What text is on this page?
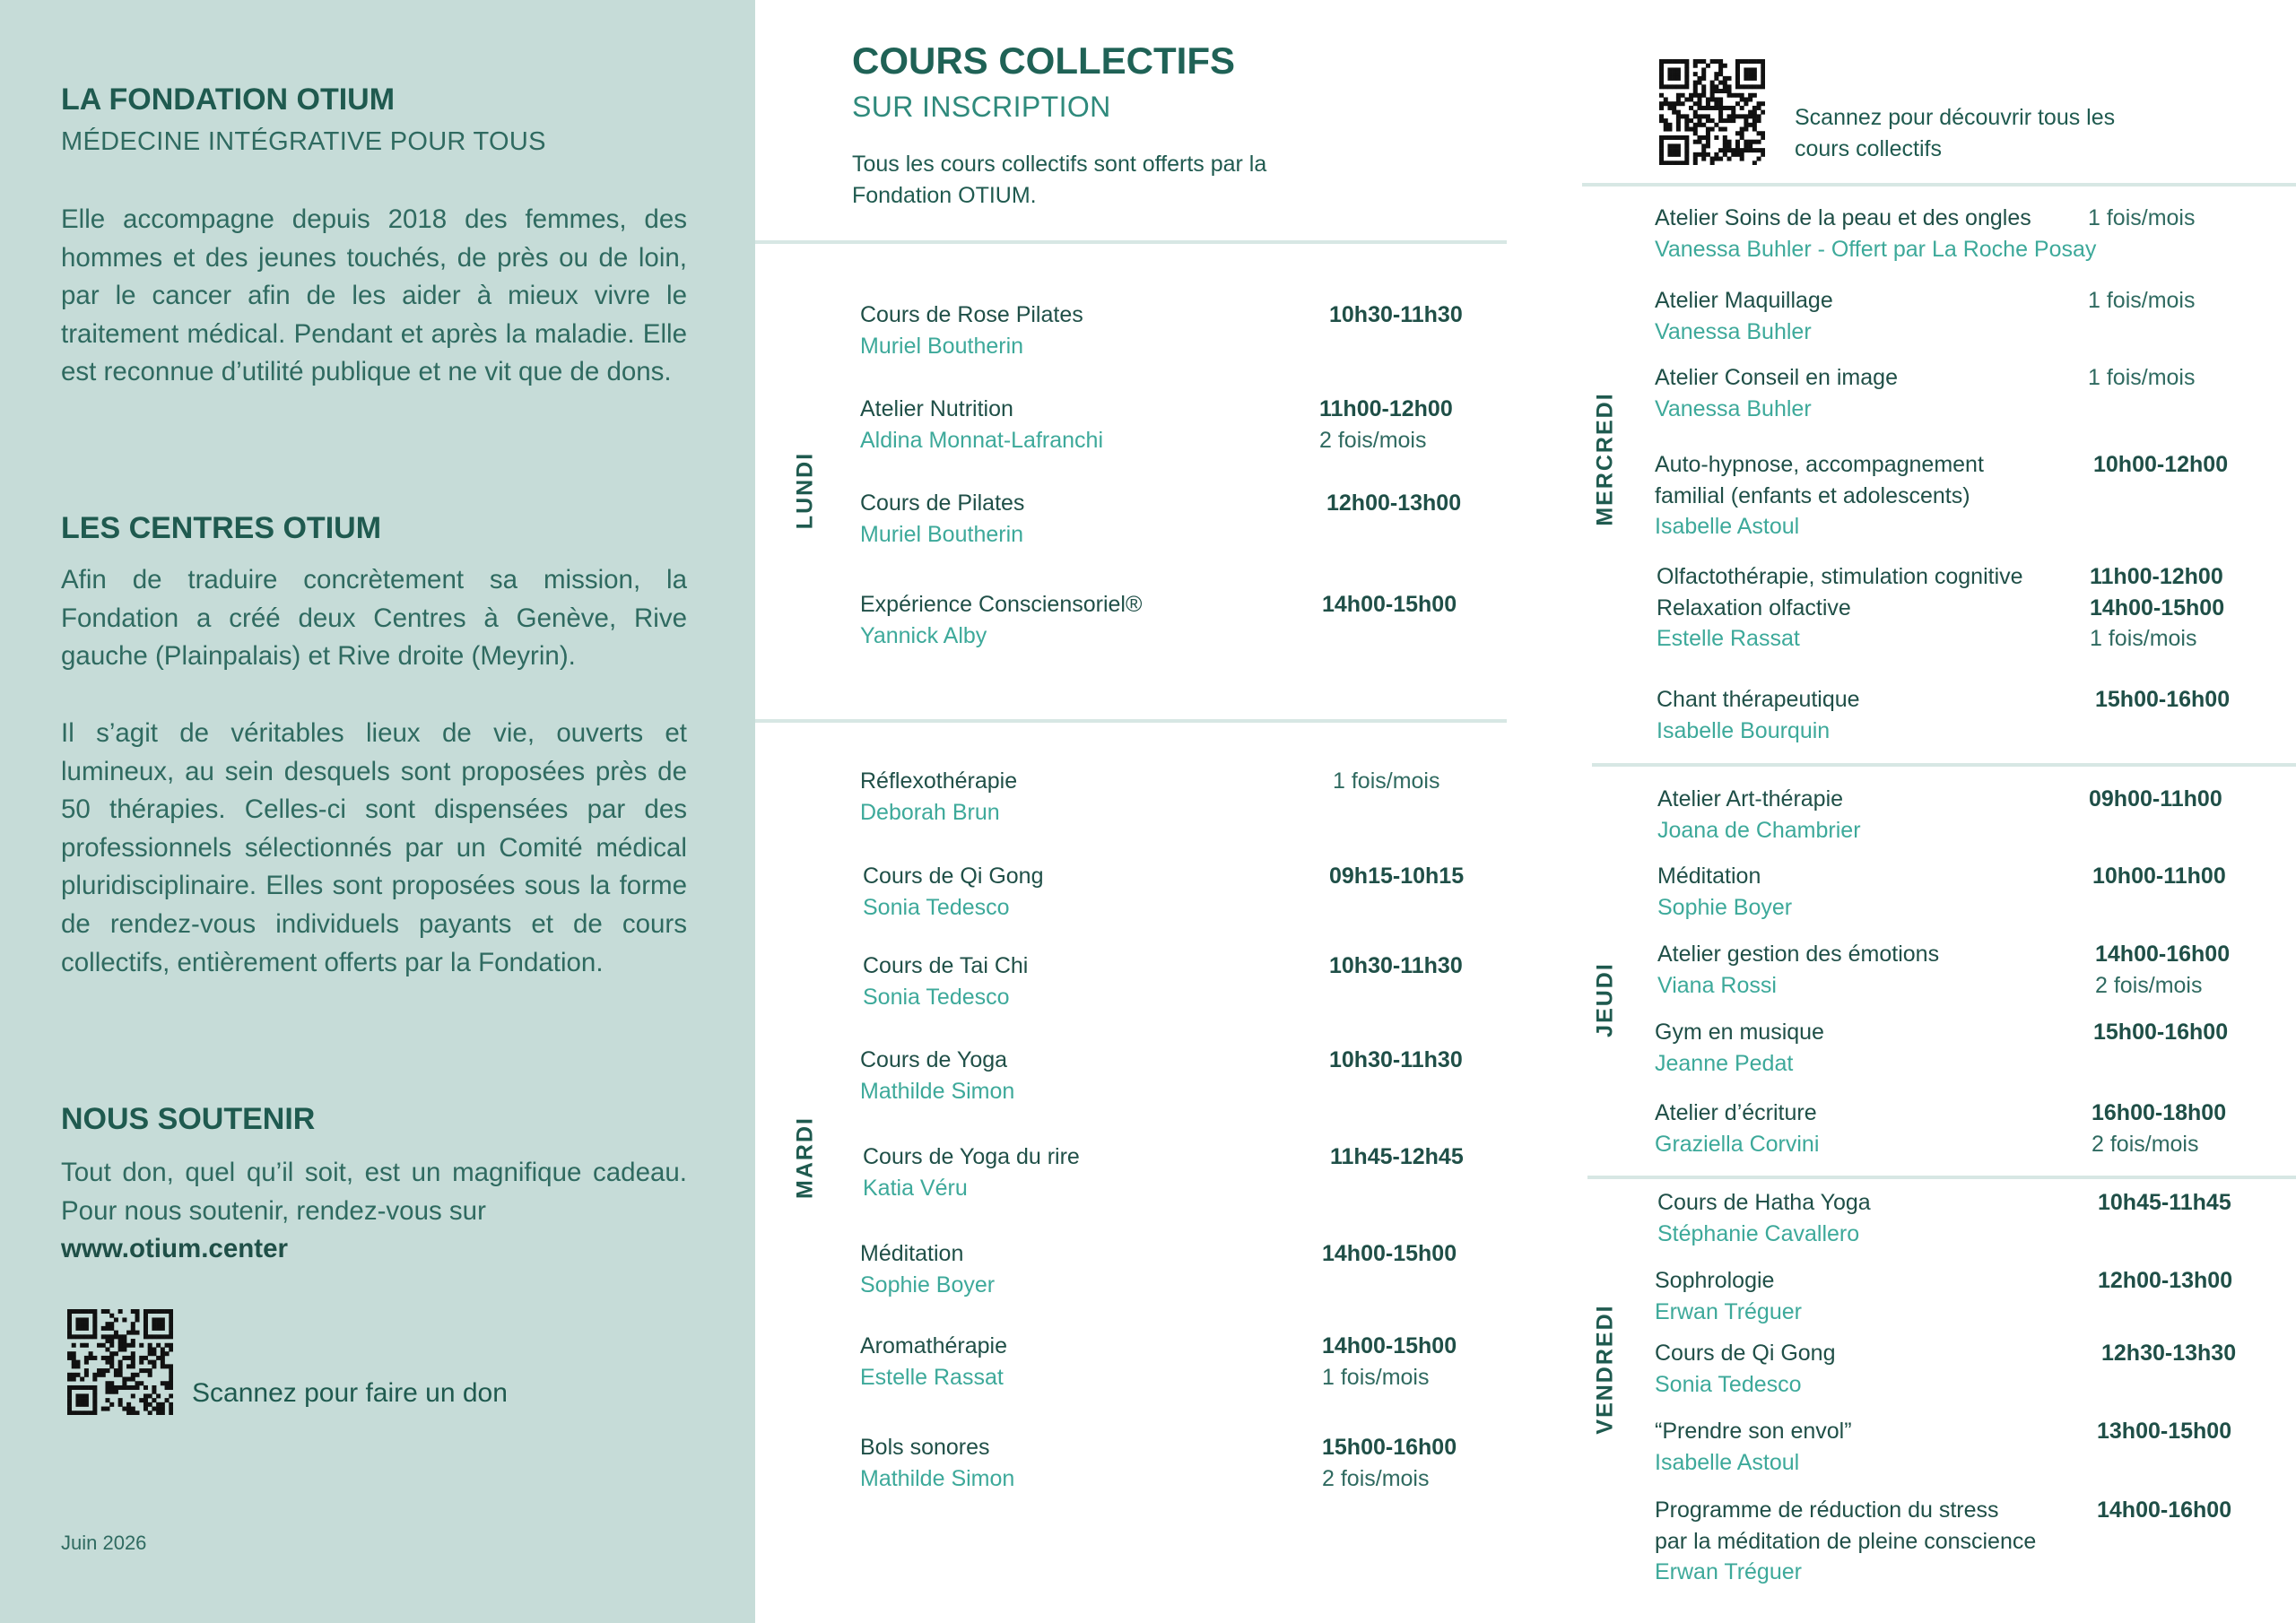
LA FONDATION OTIUM
MÉDECINE INTÉGRATIVE POUR TOUS

Elle accompagne depuis 2018 des femmes, des hommes et des jeunes touchés, de près ou de loin, par le cancer afin de les aider à mieux vivre le traitement médical. Pendant et après la maladie. Elle est reconnue d’utilité publique et ne vit que de dons.

LES CENTRES OTIUM

Afin de traduire concrètement sa mission, la Fondation a créé deux Centres à Genève, Rive gauche (Plainpalais) et Rive droite (Meyrin).

Il s’agit de véritables lieux de vie, ouverts et lumineux, au sein desquels sont proposées près de 50 thérapies. Celles-ci sont dispensées par des professionnels sélectionnés par un Comité médical pluridisciplinaire. Elles sont proposées sous la forme de rendez-vous individuels payants et de cours collectifs, entièrement offerts par la Fondation.

NOUS SOUTENIR

Tout don, quel qu’il soit, est un magnifique cadeau. Pour nous soutenir, rendez-vous sur
www.otium.center

Scannez pour faire un don
Juin 2026
COURS COLLECTIFS
SUR INSCRIPTION

Tous les cours collectifs sont offerts par la Fondation OTIUM.

Scannez pour découvrir tous les cours collectifs

LUNDI
MARDI
MERCREDI
JEUDI
VENDREDI
Cours de Rose Pilates
Muriel Boutherin
10h30-11h30
Atelier Nutrition
Aldina Monnat-Lafranchi
11h00-12h00
2 fois/mois
Cours de Pilates
Muriel Boutherin
12h00-13h00
Expérience Consciensoriel®
Yannick Alby
14h00-15h00
Réflexothérapie
Deborah Brun
1 fois/mois
Cours de Qi Gong
Sonia Tedesco
09h15-10h15
Cours de Tai Chi
Sonia Tedesco
10h30-11h30
Cours de Yoga
Mathilde Simon
10h30-11h30
Cours de Yoga du rire
Katia Véru
11h45-12h45
Méditation
Sophie Boyer
14h00-15h00
Aromathérapie
Estelle Rassat
14h00-15h00
1 fois/mois
Bols sonores
Mathilde Simon
15h00-16h00
2 fois/mois
Atelier Soins de la peau et des ongles
Vanessa Buhler - Offert par La Roche Posay
1 fois/mois
Atelier Maquillage
Vanessa Buhler
1 fois/mois
Atelier Conseil en image
Vanessa Buhler
1 fois/mois
Auto-hypnose, accompagnement familial (enfants et adolescents)
Isabelle Astoul
10h00-12h00
Olfactothérapie, stimulation cognitive
Relaxation olfactive
Estelle Rassat
11h00-12h00
14h00-15h00
1 fois/mois
Chant thérapeutique
Isabelle Bourquin
15h00-16h00
Atelier Art-thérapie
Joana de Chambrier
09h00-11h00
Méditation
Sophie Boyer
10h00-11h00
Atelier gestion des émotions
Viana Rossi
14h00-16h00
2 fois/mois
Gym en musique
Jeanne Pedat
15h00-16h00
Atelier d’écriture
Graziella Corvini
16h00-18h00
2 fois/mois
Cours de Hatha Yoga
Stéphanie Cavallero
10h45-11h45
Sophrologie
Erwan Tréguer
12h00-13h00
Cours de Qi Gong
Sonia Tedesco
12h30-13h30
“Prendre son envol”
Isabelle Astoul
13h00-15h00
Programme de réduction du stress
par la méditation de pleine conscience
Erwan Tréguer
14h00-16h00
